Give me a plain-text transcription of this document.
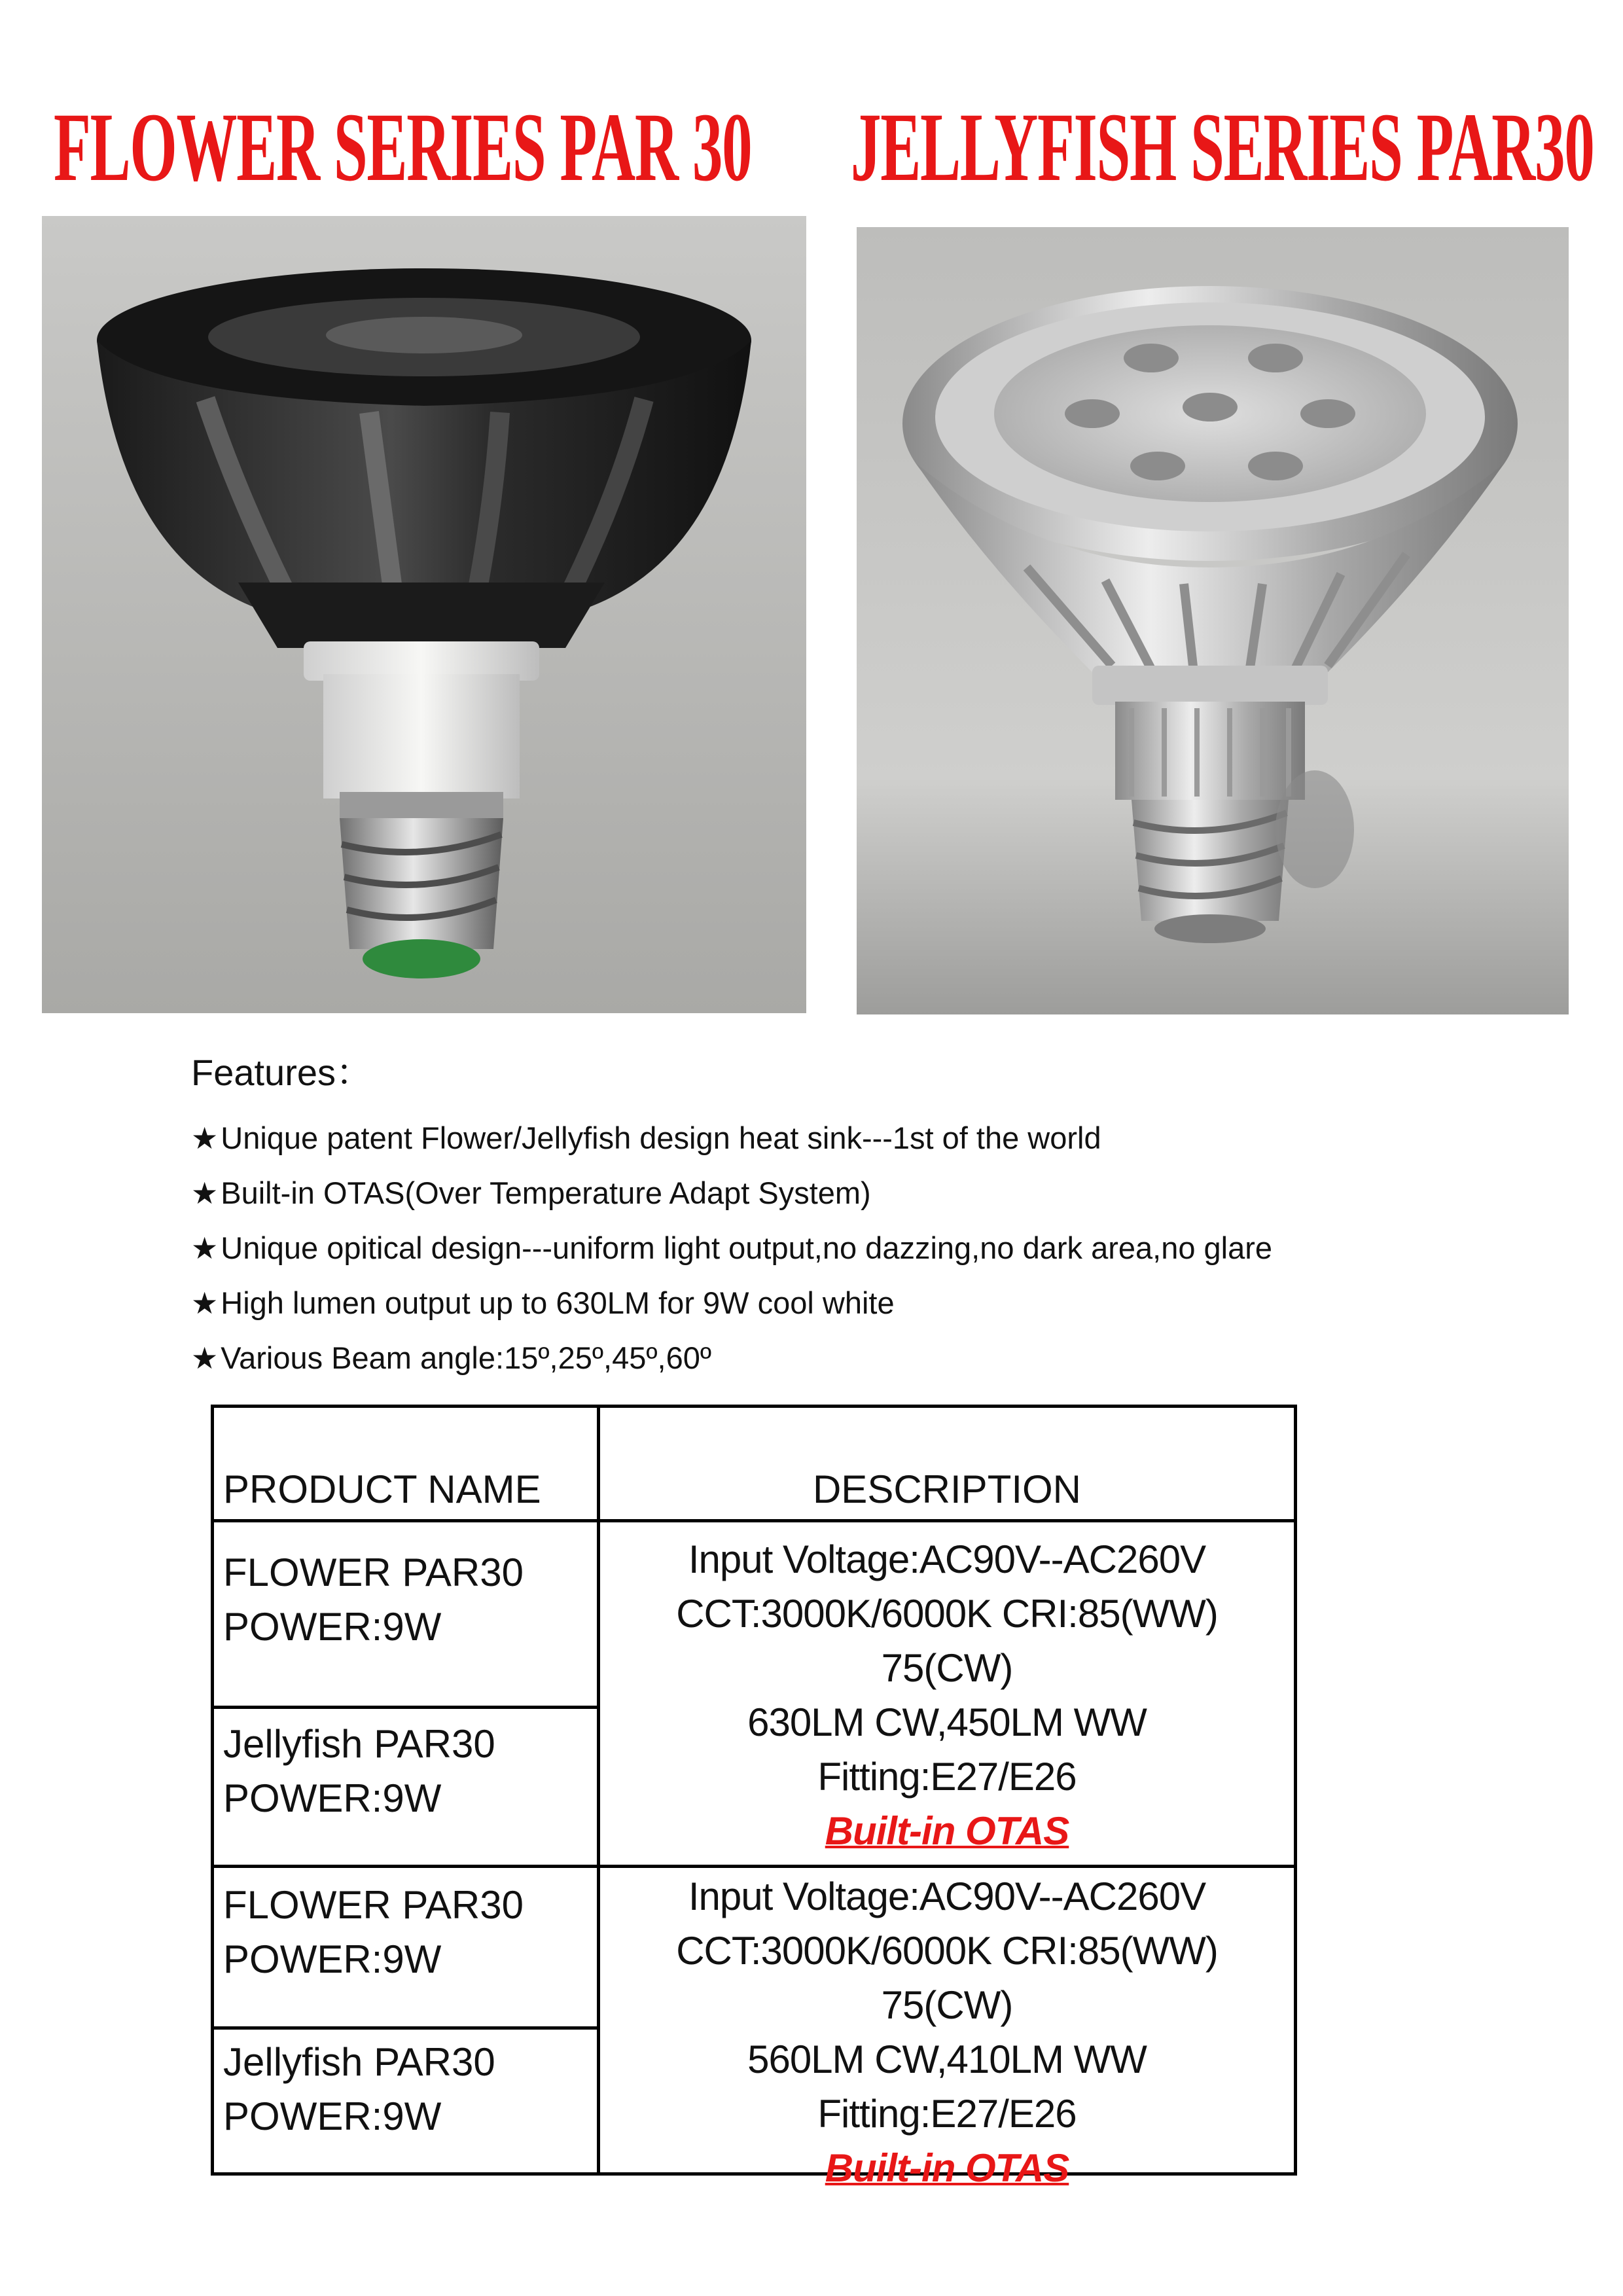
FLOWER SERIES PAR 30 JELLYFISH SERIES PAR30
Features：
★Unique patent Flower/Jellyfish design heat sink---1st of the world
★Built-in OTAS(Over Temperature Adapt System)
★Unique opitical design---uniform light output,no dazzing,no dark area,no glare
★High lumen output up to 630LM for 9W cool white
★Various Beam angle:15º,25º,45º,60º
PRODUCT NAME	DESCRIPTION
FLOWER PAR30
POWER:9W
Jellyfish PAR30
POWER:9W
FLOWER PAR30
POWER:9W
Jellyfish PAR30
POWER:9W
Input Voltage:AC90V--AC260V
CCT:3000K/6000K CRI:85(WW)
75(CW)
630LM CW,450LM WW
Fitting:E27/E26
Built-in OTAS
Input Voltage:AC90V--AC260V
CCT:3000K/6000K CRI:85(WW)
75(CW)
560LM CW,410LM WW
Fitting:E27/E26
Built-in OTAS
